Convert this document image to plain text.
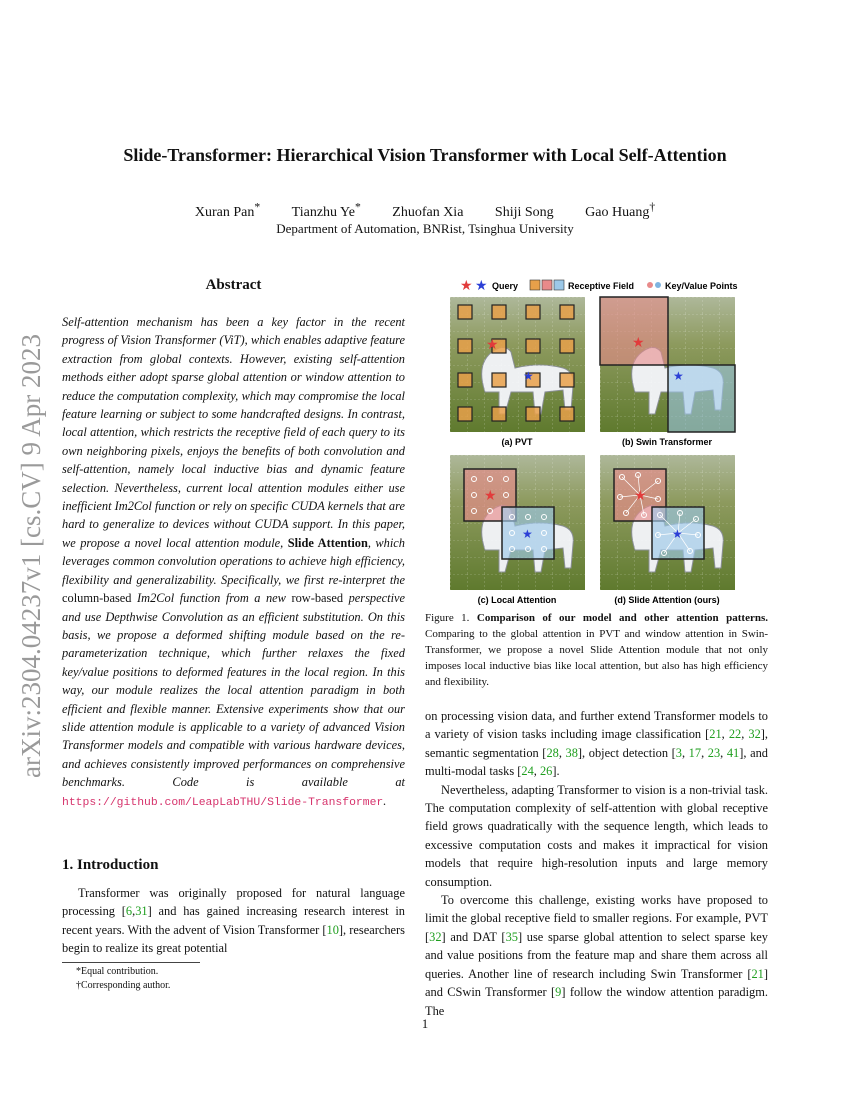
arXiv:2304.04237v1 [cs.CV] 9 Apr 2023
Slide-Transformer: Hierarchical Vision Transformer with Local Self-Attention
Xuran Pan* Tianzhu Ye* Zhuofan Xia Shiji Song Gao Huang†
Department of Automation, BNRist, Tsinghua University
Abstract
Self-attention mechanism has been a key factor in the recent progress of Vision Transformer (ViT), which enables adaptive feature extraction from global contexts. However, existing self-attention methods either adopt sparse global attention or window attention to reduce the computation complexity, which may compromise the local feature learning or subject to some handcrafted designs. In contrast, local attention, which restricts the receptive field of each query to its own neighboring pixels, enjoys the benefits of both convolution and self-attention, namely local inductive bias and dynamic feature selection. Nevertheless, current local attention modules either use inefficient Im2Col function or rely on specific CUDA kernels that are hard to generalize to devices without CUDA support. In this paper, we propose a novel local attention module, Slide Attention, which leverages common convolution operations to achieve high efficiency, flexibility and generalizability. Specifically, we first re-interpret the column-based Im2Col function from a new row-based perspective and use Depthwise Convolution as an efficient substitution. On this basis, we propose a deformed shifting module based on the re-parameterization technique, which further relaxes the fixed key/value positions to deformed features in the local region. In this way, our module realizes the local attention paradigm in both efficient and flexible manner. Extensive experiments show that our slide attention module is applicable to a variety of advanced Vision Transformer models and compatible with various hardware devices, and achieves consistently improved performances on comprehensive benchmarks. Code is available at https://github.com/LeapLabTHU/Slide-Transformer.
1. Introduction
Transformer was originally proposed for natural language processing [6,31] and has gained increasing research interest in recent years. With the advent of Vision Transformer [10], researchers begin to realize its great potential
*Equal contribution.
†Corresponding author.
★ ★ Query	Receptive Field	Key/Value Points
★
★
(a) PVT
★
★
(b) Swin Transformer
★
★
(c) Local Attention
★
★
(d) Slide Attention (ours)
Figure 1. Comparison of our model and other attention patterns. Comparing to the global attention in PVT and window attention in Swin-Transformer, we propose a novel Slide Attention module that not only imposes local inductive bias like local attention, but also has high efficiency and flexibility.

on processing vision data, and further extend Transformer models to a variety of vision tasks including image classification [21, 22, 32], semantic segmentation [28, 38], object detection [3, 17, 23, 41], and multi-modal tasks [24, 26].

Nevertheless, adapting Transformer to vision is a non-trivial task. The computation complexity of self-attention with global receptive field grows quadratically with the sequence length, which leads to excessive computation costs and makes it impractical for vision models that require high-resolution inputs and large memory consumption.

To overcome this challenge, existing works have proposed to limit the global receptive field to smaller regions. For example, PVT [32] and DAT [35] use sparse global attention to select sparse key and value positions from the feature map and share them across all queries. Another line of research including Swin Transformer [21] and CSwin Transformer [9] follow the window attention paradigm. The

1
